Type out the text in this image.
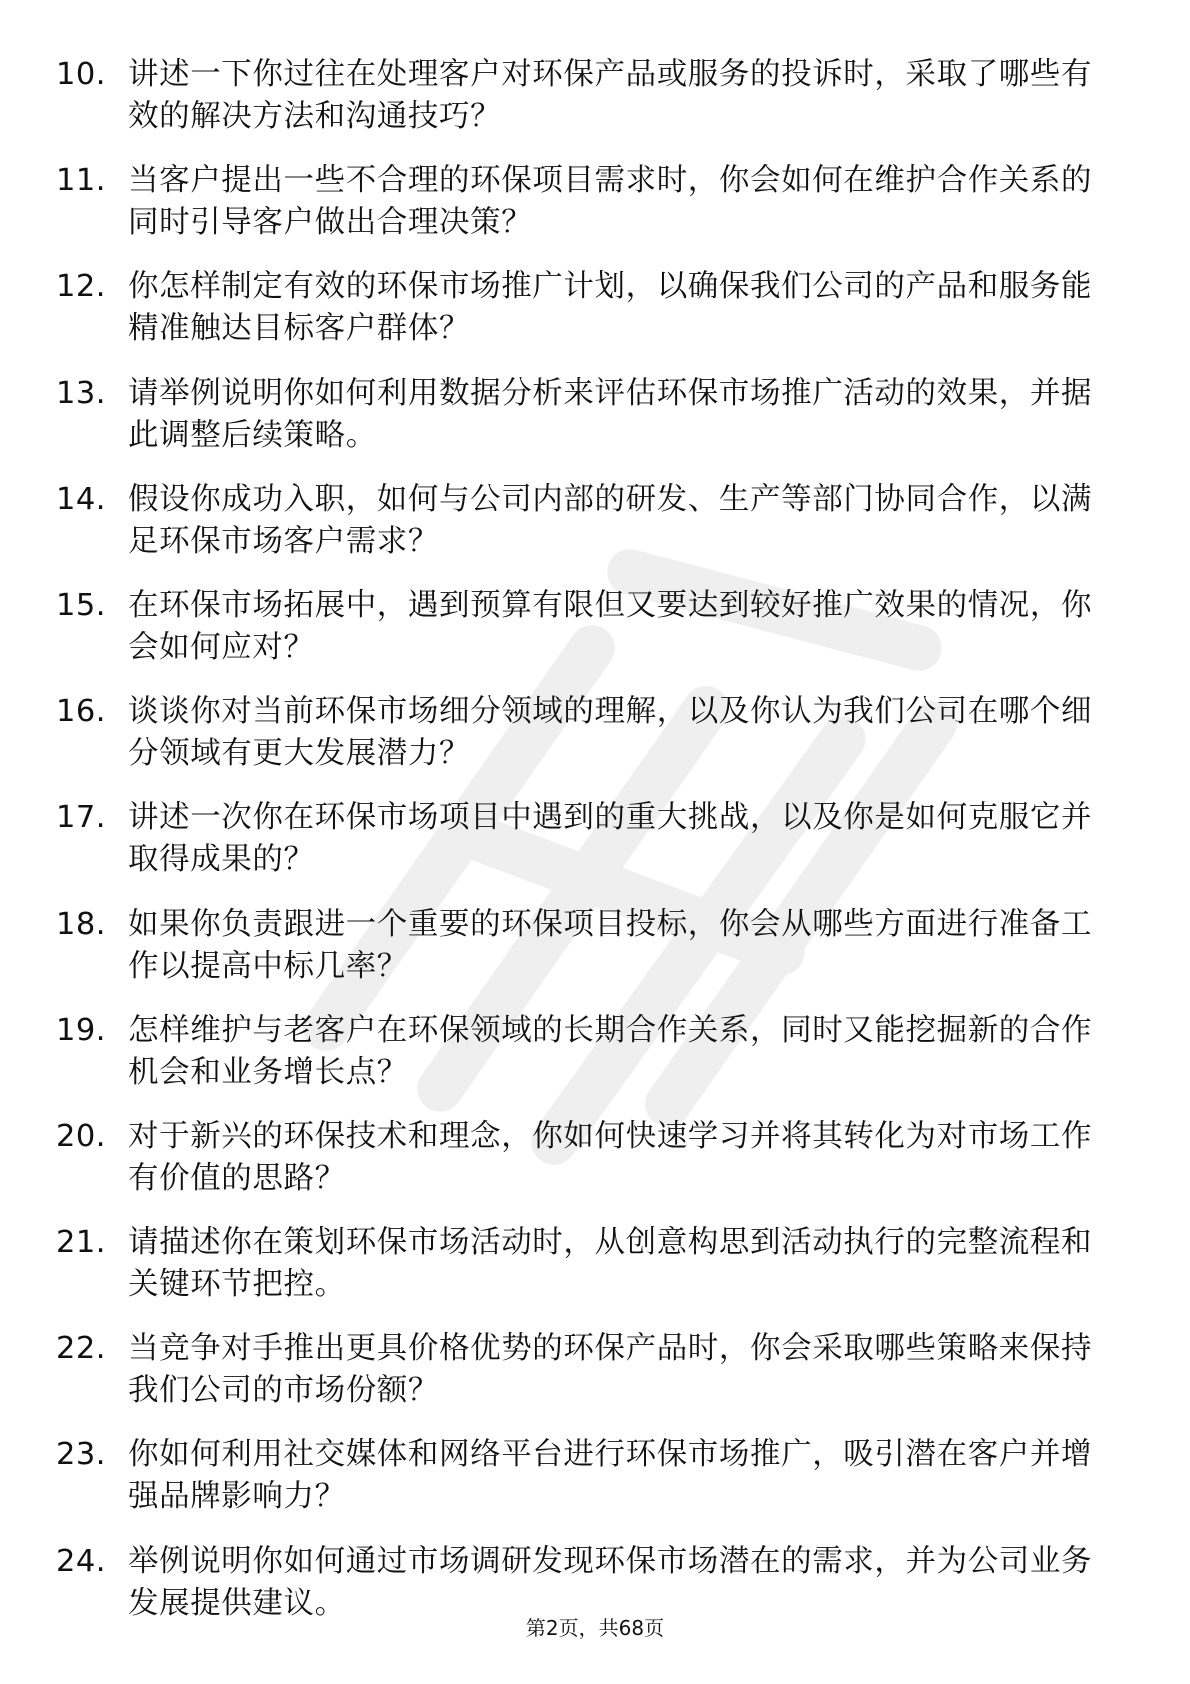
10. 讲述一下你过往在处理客户对环保产品或服务的投诉时，采取了哪些有效的解决方法和沟通技巧？
11. 当客户提出一些不合理的环保项目需求时，你会如何在维护合作关系的同时引导客户做出合理决策？
12. 你怎样制定有效的环保市场推广计划，以确保我们公司的产品和服务能精准触达目标客户群体？
13. 请举例说明你如何利用数据分析来评估环保市场推广活动的效果，并据此调整后续策略。
14. 假设你成功入职，如何与公司内部的研发、生产等部门协同合作，以满足环保市场客户需求？
15. 在环保市场拓展中，遇到预算有限但又要达到较好推广效果的情况，你会如何应对？
16. 谈谈你对当前环保市场细分领域的理解，以及你认为我们公司在哪个细分领域有更大发展潜力？
17. 讲述一次你在环保市场项目中遇到的重大挑战，以及你是如何克服它并取得成果的？
18. 如果你负责跟进一个重要的环保项目投标，你会从哪些方面进行准备工作以提高中标几率？
19. 怎样维护与老客户在环保领域的长期合作关系，同时又能挖掘新的合作机会和业务增长点？
20. 对于新兴的环保技术和理念，你如何快速学习并将其转化为对市场工作有价值的思路？
21. 请描述你在策划环保市场活动时，从创意构思到活动执行的完整流程和关键环节把控。
22. 当竞争对手推出更具价格优势的环保产品时，你会采取哪些策略来保持我们公司的市场份额？
23. 你如何利用社交媒体和网络平台进行环保市场推广，吸引潜在客户并增强品牌影响力？
24. 举例说明你如何通过市场调研发现环保市场潜在的需求，并为公司业务发展提供建议。
第2页，共68页
